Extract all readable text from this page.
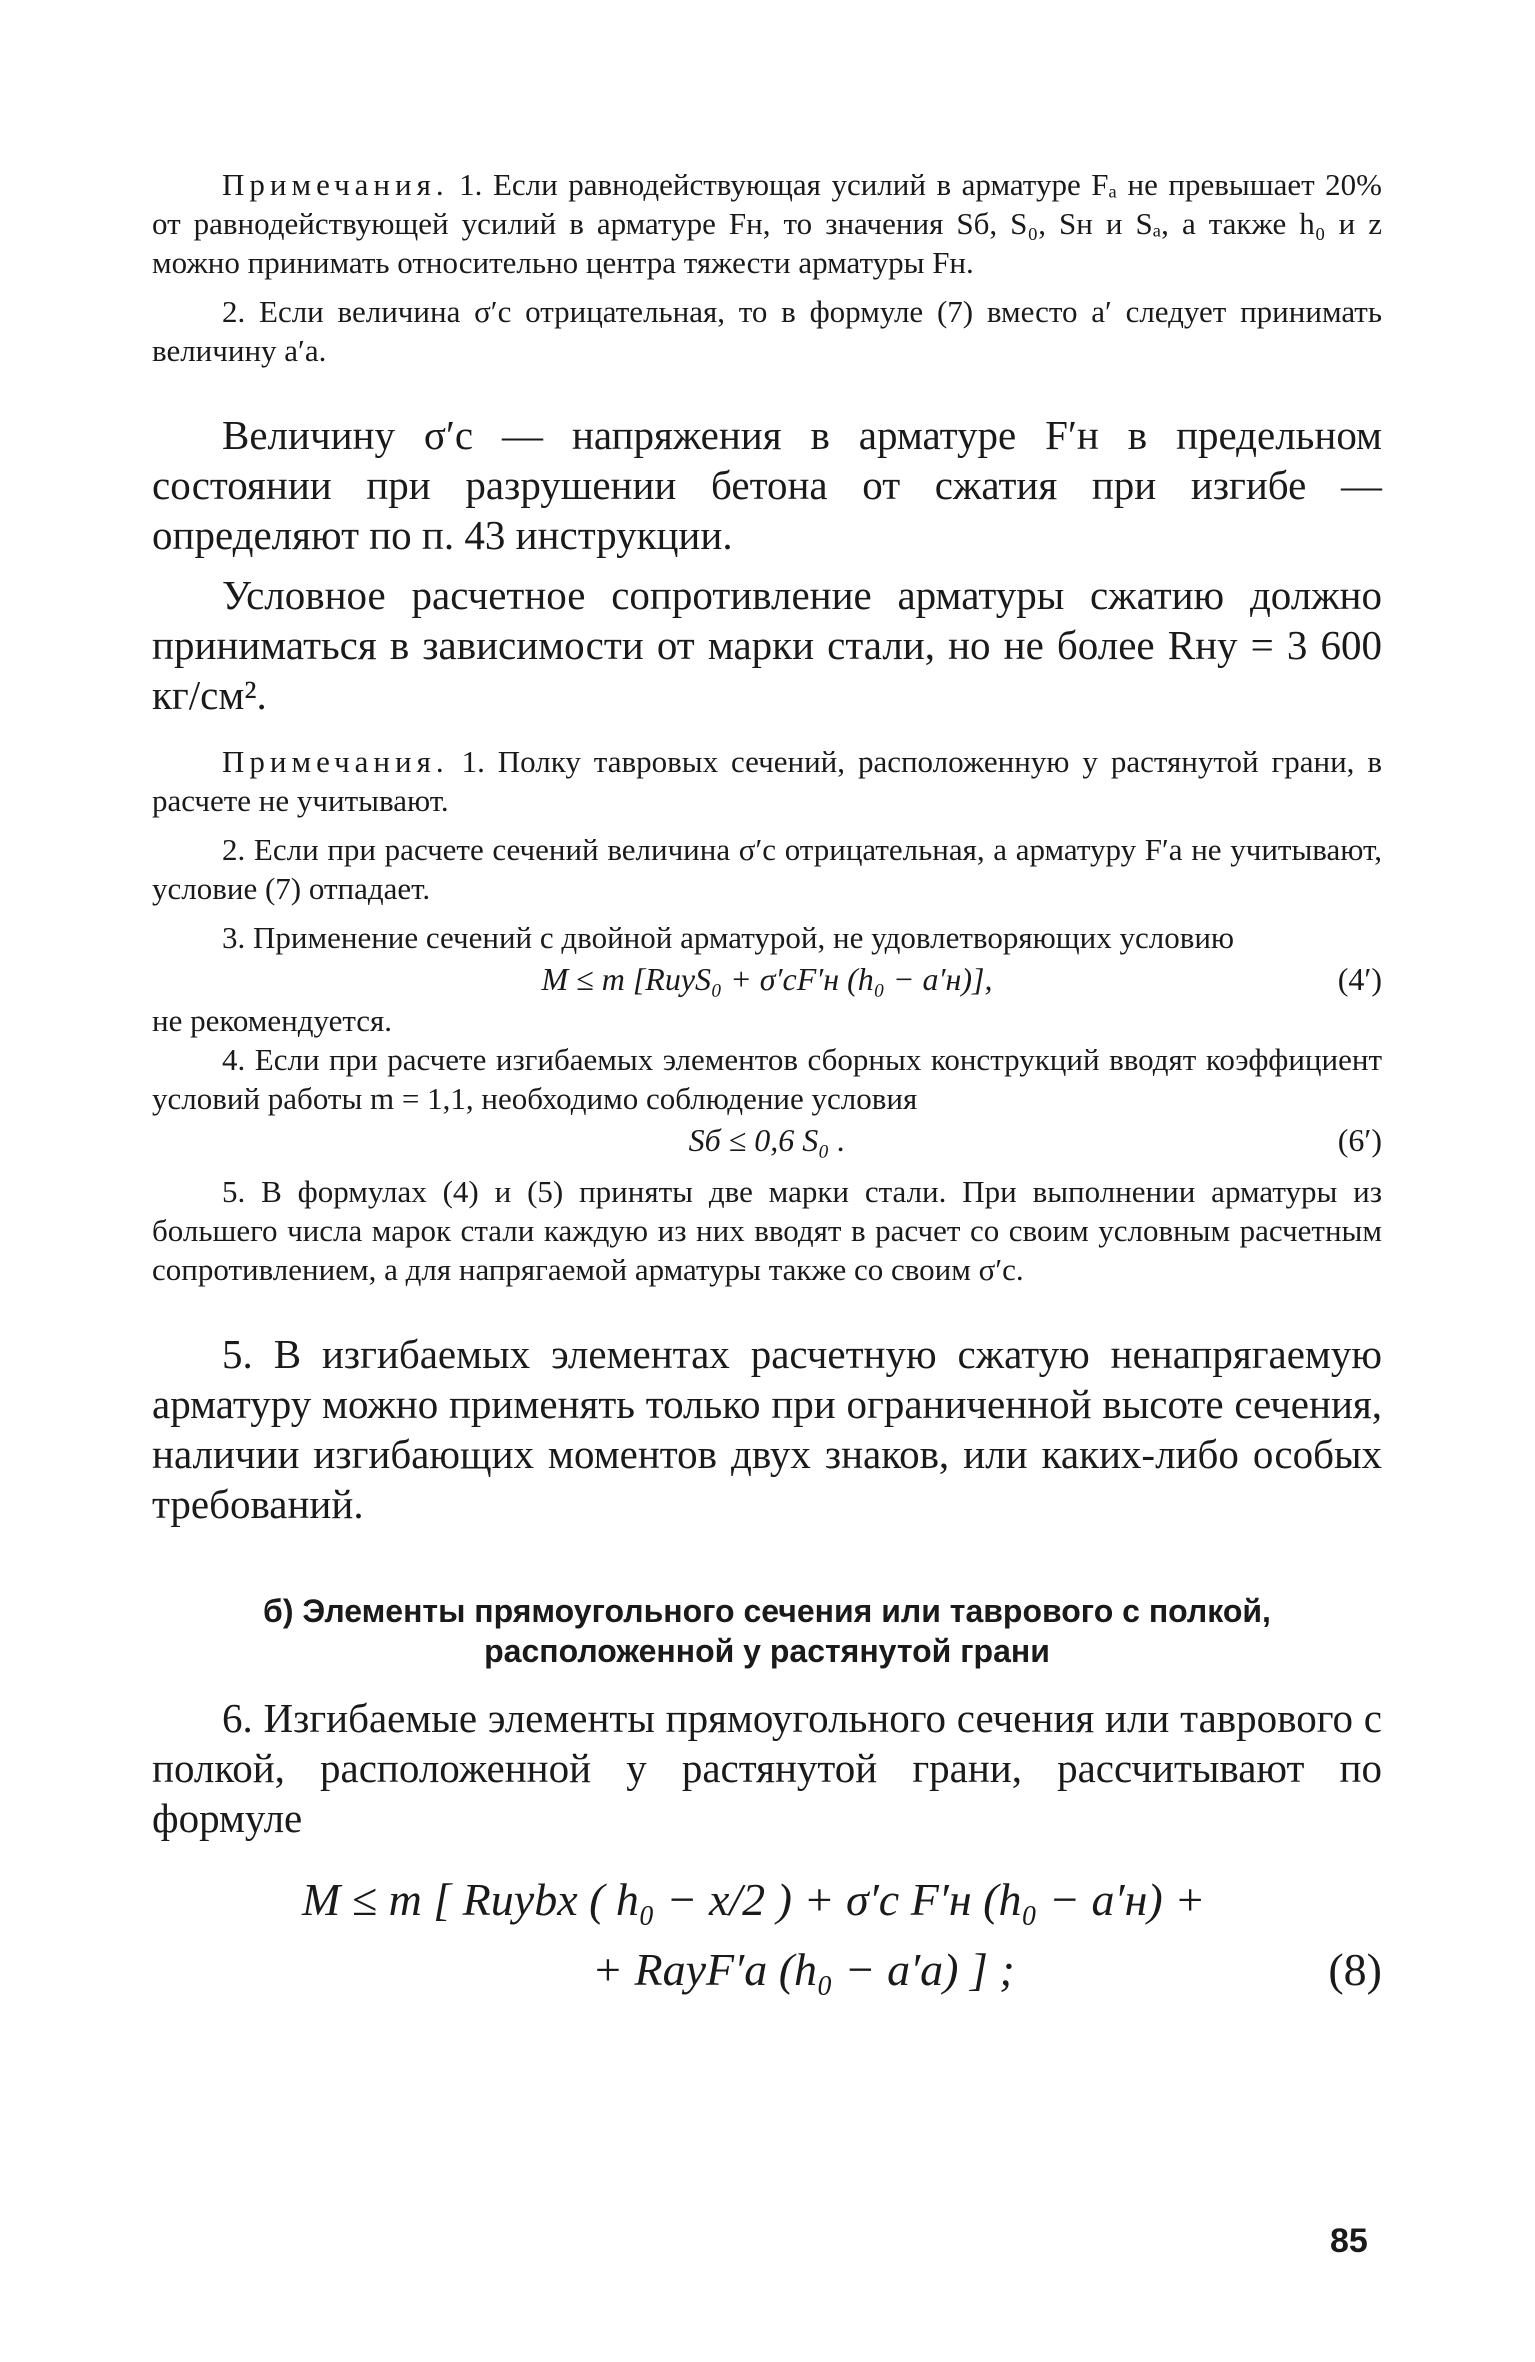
Примечания. 1. Если равнодействующая усилий в арматуре Fₐ не превышает 20% от равнодействующей усилий в арматуре Fн, то значения Sб, S₀, Sн и Sₐ, а также h₀ и z можно принимать относительно центра тяжести арматуры Fн.

2. Если величина σ′с отрицательная, то в формуле (7) вместо a′ следует принимать величину a′а.

Величину σ′с — напряжения в арматуре F′н в предельном состоянии при разрушении бетона от сжатия при изгибе — определяют по п. 43 инструкции.

Условное расчетное сопротивление арматуры сжатию должно приниматься в зависимости от марки стали, но не более Rну = 3 600 кг/см².

Примечания. 1. Полку тавровых сечений, расположенную у растянутой грани, в расчете не учитывают.

2. Если при расчете сечений величина σ′с отрицательная, а арматуру F′а не учитывают, условие (7) отпадает.

3. Применение сечений с двойной арматурой, не удовлетворяющих условию

M ≤ m [RиуS₀ + σ′сF′н (h₀ − a′н)],	(4′)

не рекомендуется.

4. Если при расчете изгибаемых элементов сборных конструкций вводят коэффициент условий работы m = 1,1, необходимо соблюдение условия

Sб ≤ 0,6 S₀ .	(6′)

5. В формулах (4) и (5) приняты две марки стали. При выполнении арматуры из большего числа марок стали каждую из них вводят в расчет со своим условным расчетным сопротивлением, а для напрягаемой арматуры также со своим σ′с.

5. В изгибаемых элементах расчетную сжатую ненапрягаемую арматуру можно применять только при ограниченной высоте сечения, наличии изгибающих моментов двух знаков, или каких-либо особых требований.

б) Элементы прямоугольного сечения или таврового с полкой, расположенной у растянутой грани

6. Изгибаемые элементы прямоугольного сечения или таврового с полкой, расположенной у растянутой грани, рассчитывают по формуле

M ≤ m [ Rиуbx ( h₀ − x/2 ) + σ′с F′н (h₀ − a′н) +
+ RаyF′а (h₀ − a′а) ] ;	(8)
85
